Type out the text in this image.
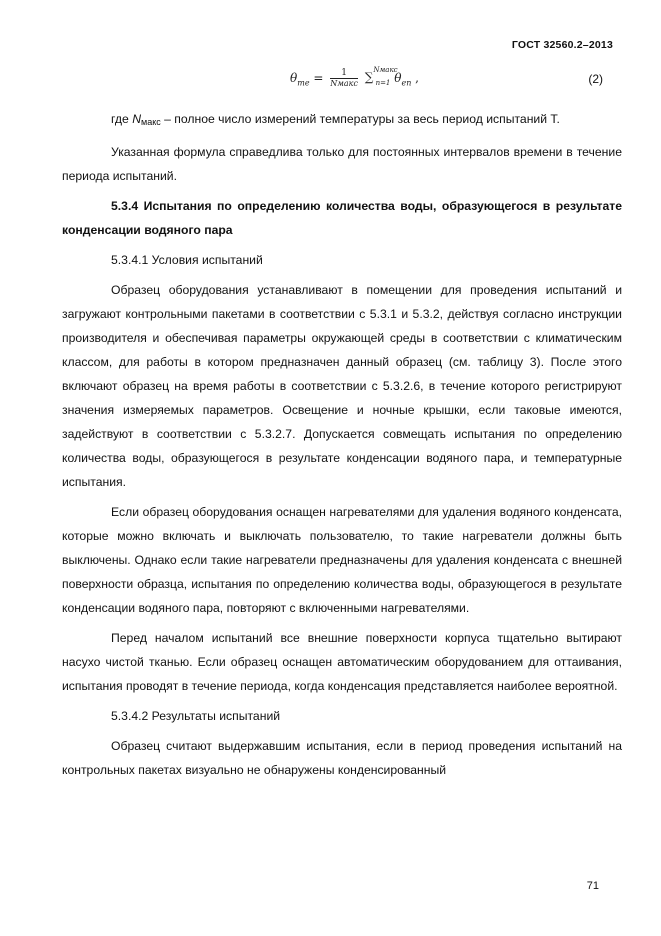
ГОСТ 32560.2–2013
$\theta_{me} = \frac{1}{\text{Nмакс}} \sum^{Nмакс}_{n=1}$ $\theta_{en}$ ,	(2)

где $N_{макс}$ – полное число измерений температуры за весь период испытаний T.

Указанная формула справедлива только для постоянных интервалов времени в течение периода испытаний.

5.3.4 Испытания по определению количества воды, образующегося в результате конденсации водяного пара

5.3.4.1 Условия испытаний

Образец оборудования устанавливают в помещении для проведения испытаний и загружают контрольными пакетами в соответствии с 5.3.1 и 5.3.2, действуя согласно инструкции производителя и обеспечивая параметры окружающей среды в соответствии с климатическим классом, для работы в котором предназначен данный образец (см. таблицу 3). После этого включают образец на время работы в соответствии с 5.3.2.6, в течение которого регистрируют значения измеряемых параметров. Освещение и ночные крышки, если таковые имеются, задействуют в соответствии с 5.3.2.7. Допускается совмещать испытания по определению количества воды, образующегося в результате конденсации водяного пара, и температурные испытания.

Если образец оборудования оснащен нагревателями для удаления водяного конденсата, которые можно включать и выключать пользователю, то такие нагреватели должны быть выключены. Однако если такие нагреватели предназначены для удаления конденсата с внешней поверхности образца, испытания по определению количества воды, образующегося в результате конденсации водяного пара, повторяют с включенными нагревателями.

Перед началом испытаний все внешние поверхности корпуса тщательно вытирают насухо чистой тканью. Если образец оснащен автоматическим оборудованием для оттаивания, испытания проводят в течение периода, когда конденсация представляется наиболее вероятной.

5.3.4.2 Результаты испытаний

Образец считают выдержавшим испытания, если в период проведения испытаний на контрольных пакетах визуально не обнаружены конденсированный

71
